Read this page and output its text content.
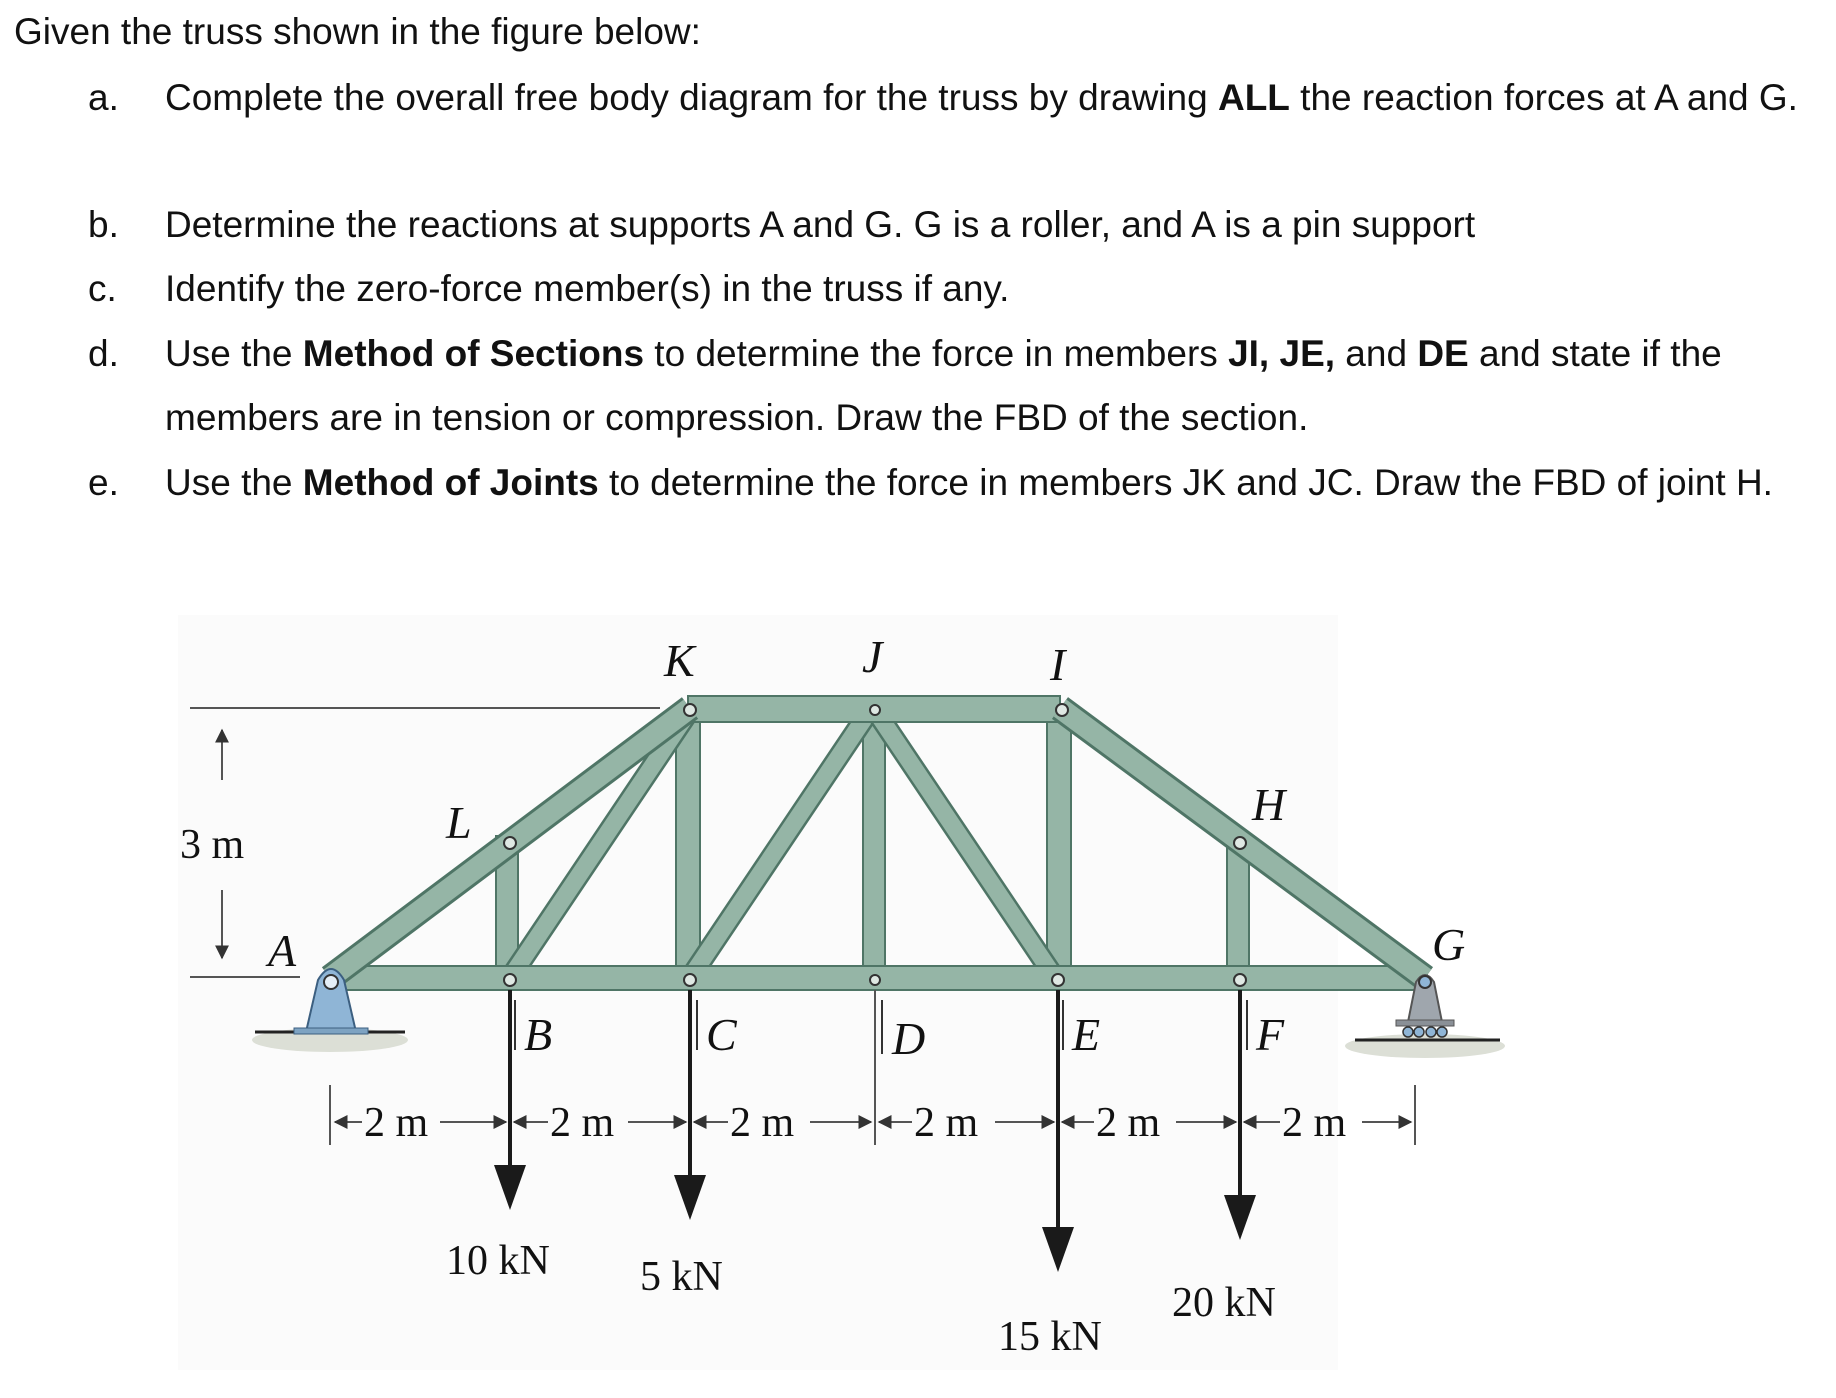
Given the truss shown in the figure below:
a. Complete the overall free body diagram for the truss by drawing ALL the reaction forces at A and G.
b. Determine the reactions at supports A and G. G is a roller, and A is a pin support
c. Identify the zero-force member(s) in the truss if any.
d. Use the Method of Sections to determine the force in members JI, JE, and DE and state if the members are in tension or compression. Draw the FBD of the section.
e. Use the Method of Joints to determine the force in members JK and JC. Draw the FBD of joint H.
3 m
2 m	2 m	2 m	2 m	2 m	2 m
10 kN 5 kN
15 kN
20 kN
K	J	I
L	H
A	G
B	C	D	E	F
